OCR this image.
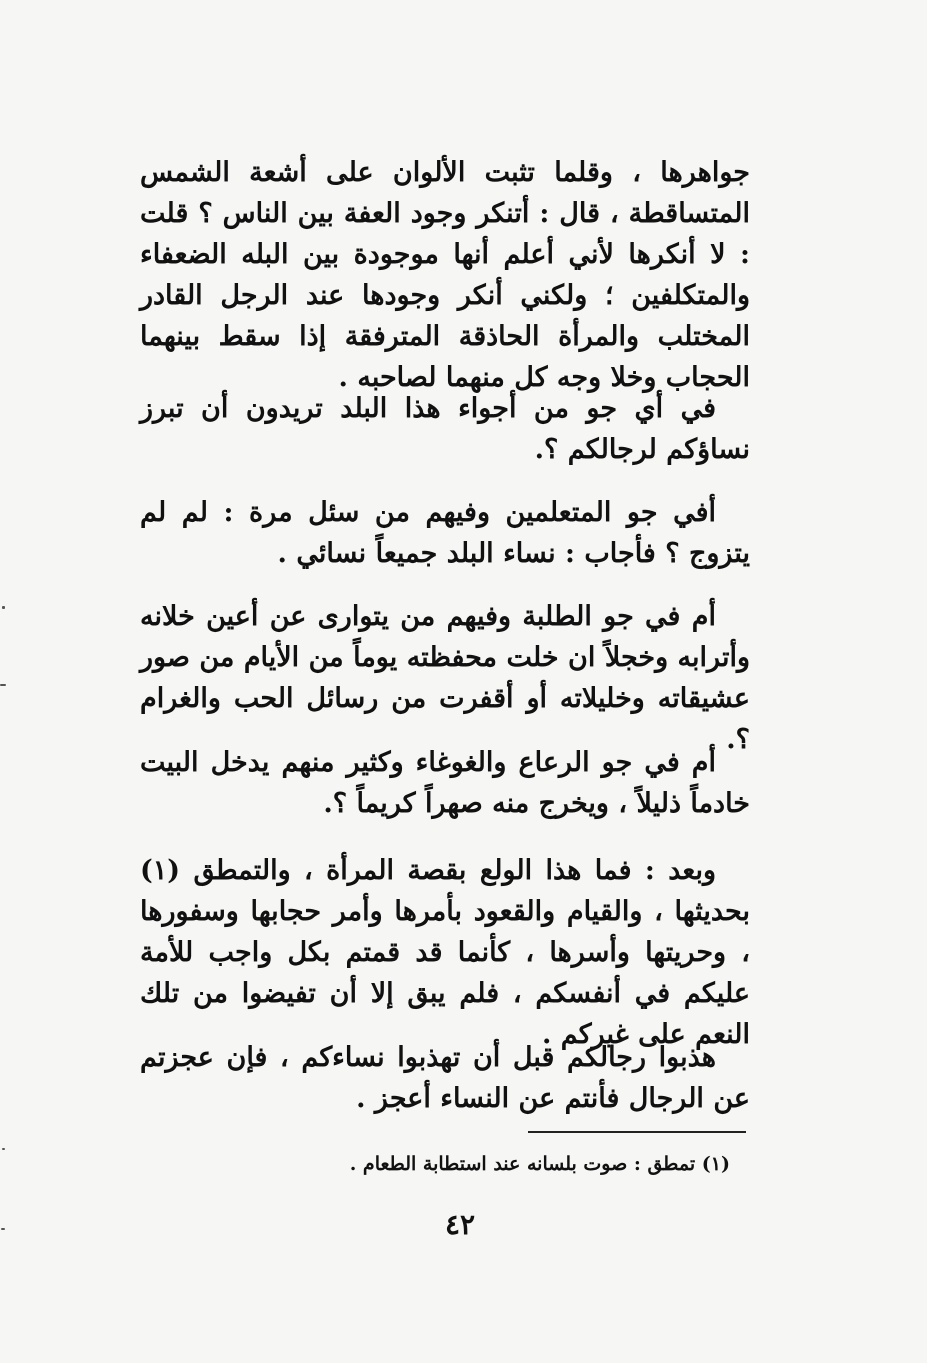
جواهرها ، وقلما تثبت الألوان على أشعة الشمس المتساقطة ، قال : أتنكر وجود العفة بين الناس ؟ قلت : لا أنكرها لأني أعلم أنها موجودة بين البله الضعفاء والمتكلفين ؛ ولكني أنكر وجودها عند الرجل القادر المختلب والمرأة الحاذقة المترفقة إذا سقط بينهما الحجاب وخلا وجه كل منهما لصاحبه .

في أي جو من أجواء هذا البلد تريدون أن تبرز نساؤكم لرجالكم ؟.

أفي جو المتعلمين وفيهم من سئل مرة : لم لم يتزوج ؟ فأجاب : نساء البلد جميعاً نسائي .

أم في جو الطلبة وفيهم من يتوارى عن أعين خلانه وأترابه وخجلاً ان خلت محفظته يوماً من الأيام من صور عشيقاته وخليلاته أو أقفرت من رسائل الحب والغرام ؟.

أم في جو الرعاع والغوغاء وكثير منهم يدخل البيت خادماً ذليلاً ، ويخرج منه صهراً كريماً ؟.

وبعد : فما هذا الولع بقصة المرأة ، والتمطق (١) بحديثها ، والقيام والقعود بأمرها وأمر حجابها وسفورها ، وحريتها وأسرها ، كأنما قد قمتم بكل واجب للأمة عليكم في أنفسكم ، فلم يبق إلا أن تفيضوا من تلك النعم على غيركم .

هذبوا رجالكم قبل أن تهذبوا نساءكم ، فإن عجزتم عن الرجال فأنتم عن النساء أعجز .

(١) تمطق : صوت بلسانه عند استطابة الطعام .
٤٢
